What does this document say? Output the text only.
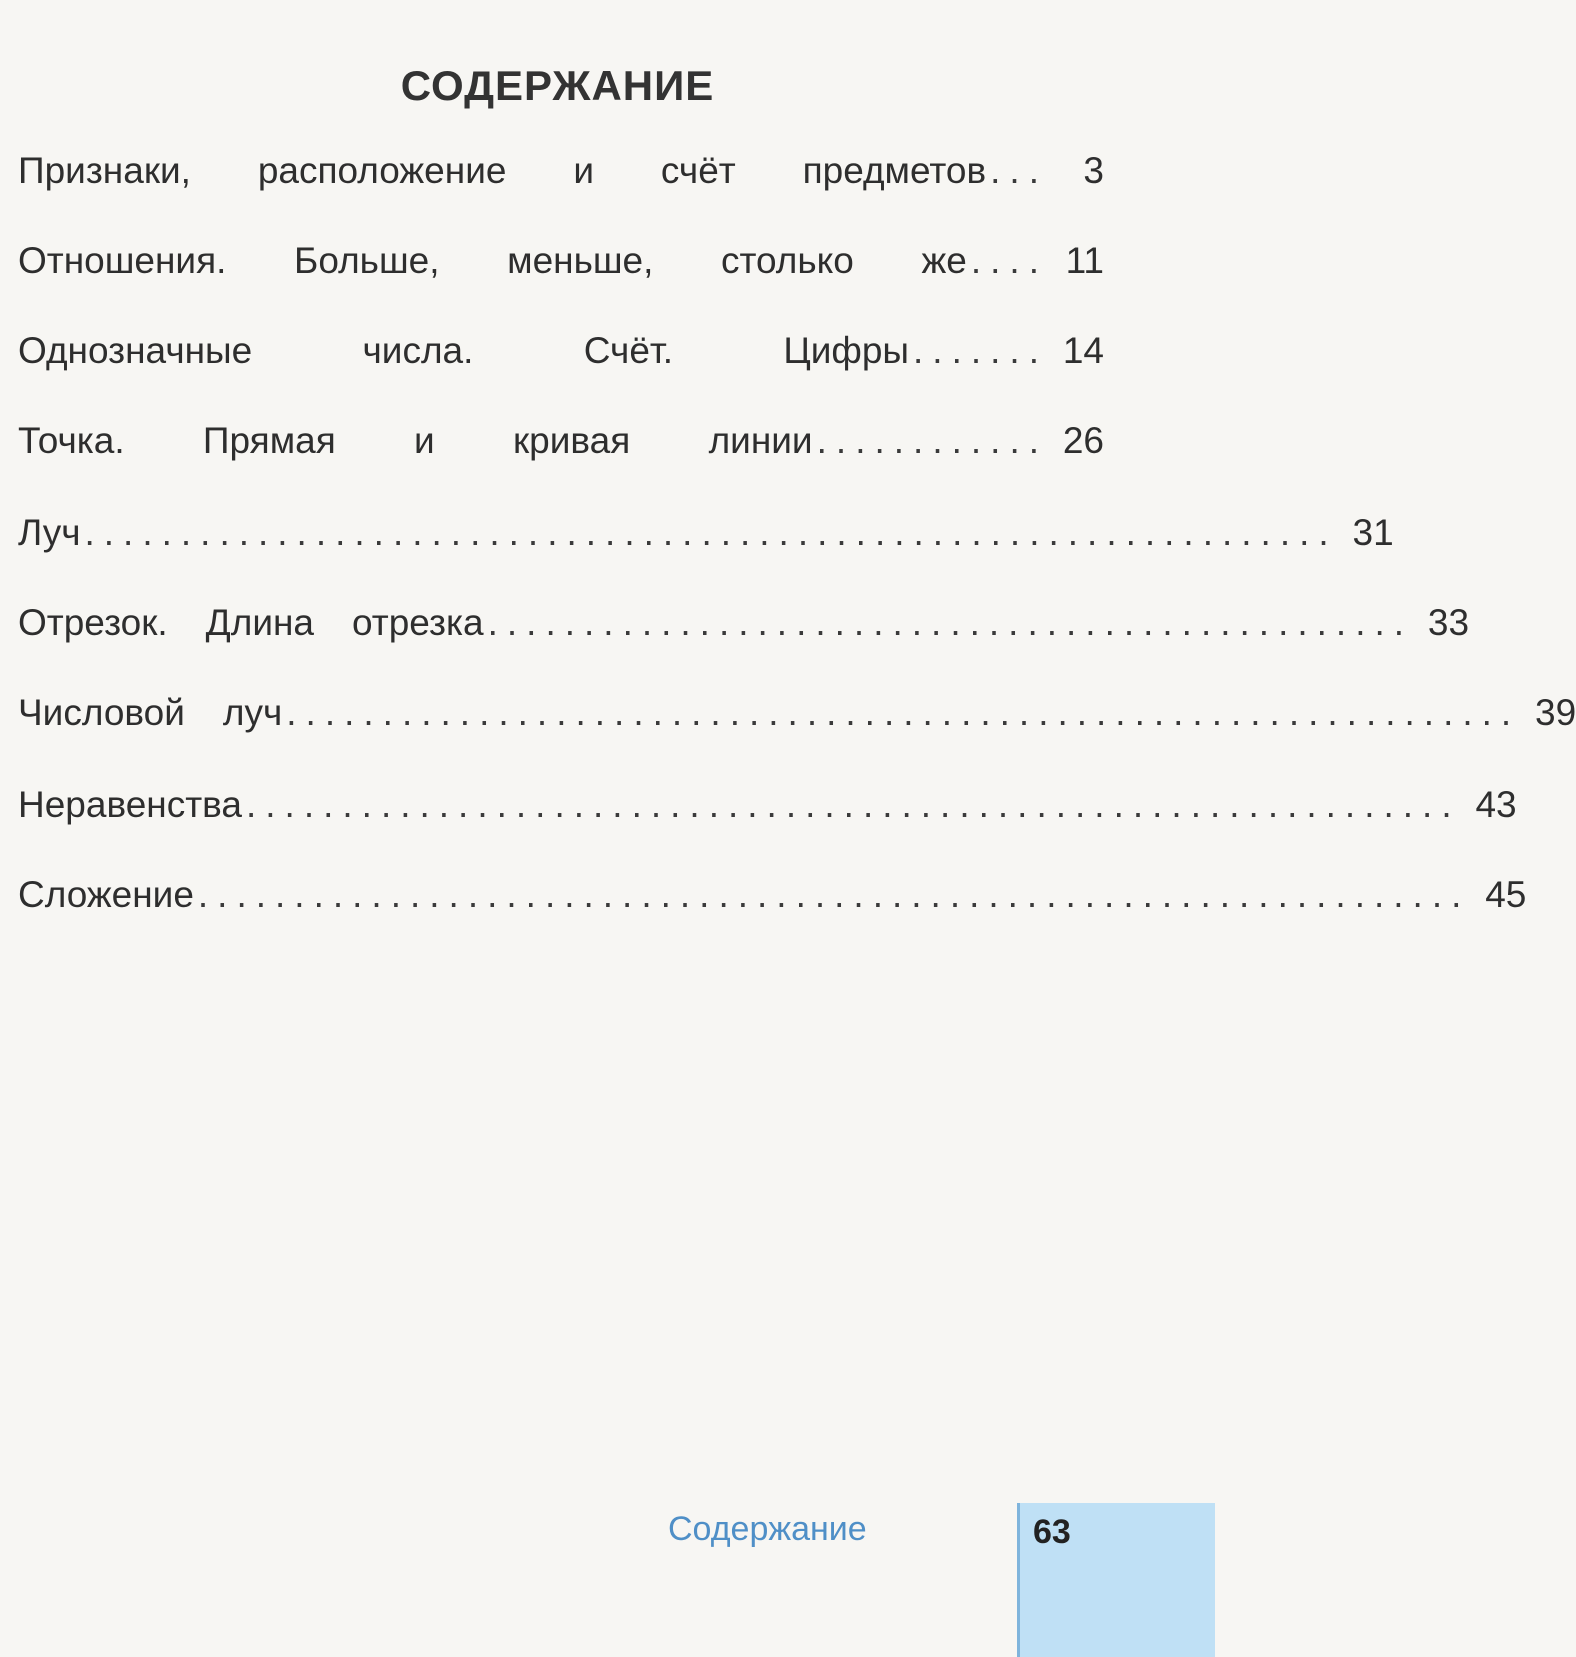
СОДЕРЖАНИЕ
Признаки, расположение и счёт предметов ... 3
Отношения. Больше, меньше, столько же .... 11
Однозначные	числа.	Счёт.	Цифры ....... 14
Точка. Прямая и кривая линии ............ 26
Луч ................................................................. 31
Отрезок. Длина отрезка ................................................ 33
Числовой луч ................................................................ 39
Неравенства ............................................................... 43
Сложение .................................................................. 45
Содержание	63
